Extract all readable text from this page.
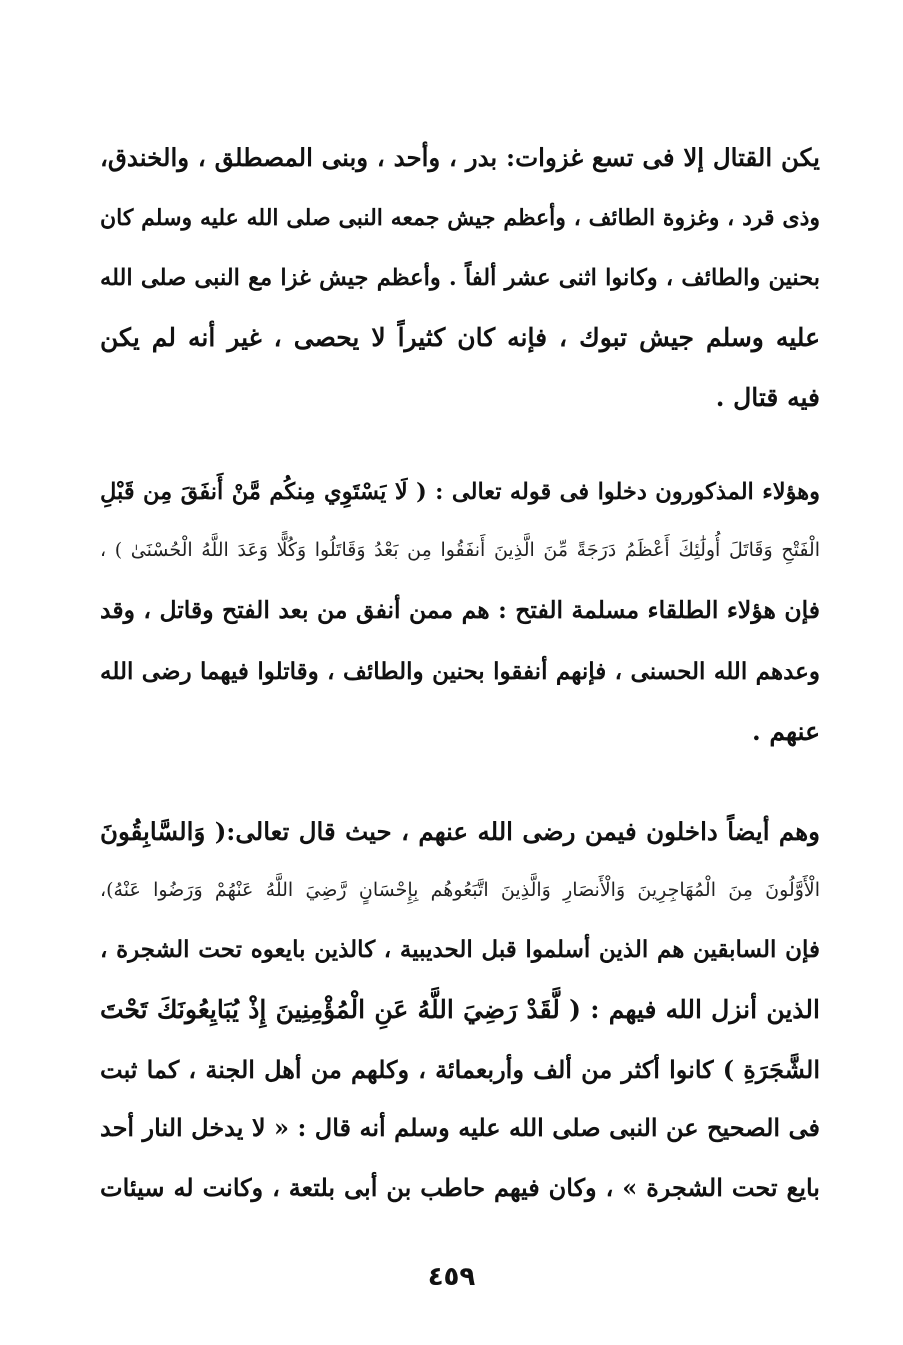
يكن القتال إلا فى تسع غزوات: بدر ، وأحد ، وبنى المصطلق ، والخندق،
وذى قرد ، وغزوة الطائف ، وأعظم جيش جمعه النبى صلى الله عليه وسلم كان
بحنين والطائف ، وكانوا اثنى عشر ألفاً . وأعظم جيش غزا مع النبى صلى الله
عليه وسلم جيش تبوك ، فإنه كان كثيراً لا يحصى ، غير أنه لم يكن
فيه قتال .
وهؤلاء المذكورون دخلوا فى قوله تعالى : ( لَا يَسْتَوِي مِنكُم مَّنْ أَنفَقَ مِن قَبْلِ
الْفَتْحِ وَقَاتَلَ أُولَٰئِكَ أَعْظَمُ دَرَجَةً مِّنَ الَّذِينَ أَنفَقُوا مِن بَعْدُ وَقَاتَلُوا وَكُلًّا وَعَدَ اللَّهُ الْحُسْنَىٰ ) ،
فإن هؤلاء الطلقاء مسلمة الفتح : هم ممن أنفق من بعد الفتح وقاتل ، وقد
وعدهم الله الحسنى ، فإنهم أنفقوا بحنين والطائف ، وقاتلوا فيهما رضى الله
عنهم .
وهم أيضاً داخلون فيمن رضى الله عنهم ، حيث قال تعالى:( وَالسَّابِقُونَ
الْأَوَّلُونَ مِنَ الْمُهَاجِرِينَ وَالْأَنصَارِ وَالَّذِينَ اتَّبَعُوهُم بِإِحْسَانٍ رَّضِيَ اللَّهُ عَنْهُمْ وَرَضُوا عَنْهُ)،
فإن السابقين هم الذين أسلموا قبل الحديبية ، كالذين بايعوه تحت الشجرة ،
الذين أنزل الله فيهم : ( لَّقَدْ رَضِيَ اللَّهُ عَنِ الْمُؤْمِنِينَ إِذْ يُبَايِعُونَكَ تَحْتَ
الشَّجَرَةِ ) كانوا أكثر من ألف وأربعمائة ، وكلهم من أهل الجنة ، كما ثبت
فى الصحيح عن النبى صلى الله عليه وسلم أنه قال : « لا يدخل النار أحد
بايع تحت الشجرة » ، وكان فيهم حاطب بن أبى بلتعة ، وكانت له سيئات
٤٥٩
